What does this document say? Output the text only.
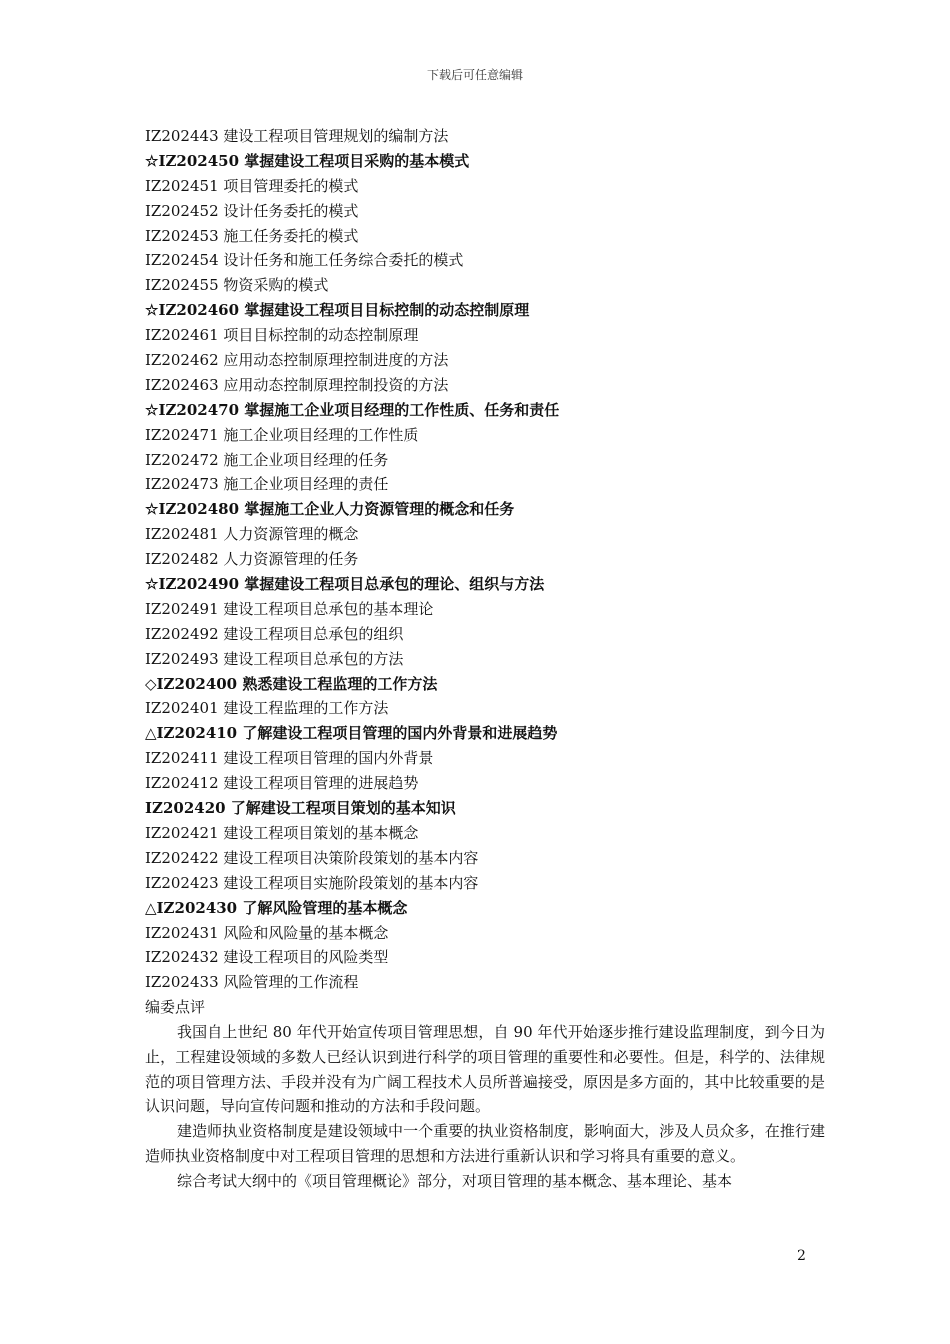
下载后可任意编辑
IZ202443 建设工程项目管理规划的编制方法
☆IZ202450 掌握建设工程项目采购的基本模式
IZ202451 项目管理委托的模式
IZ202452 设计任务委托的模式
IZ202453 施工任务委托的模式
IZ202454 设计任务和施工任务综合委托的模式
IZ202455 物资采购的模式
☆IZ202460 掌握建设工程项目目标控制的动态控制原理
IZ202461 项目目标控制的动态控制原理
IZ202462 应用动态控制原理控制进度的方法
IZ202463 应用动态控制原理控制投资的方法
☆IZ202470 掌握施工企业项目经理的工作性质、任务和责任
IZ202471 施工企业项目经理的工作性质
IZ202472 施工企业项目经理的任务
IZ202473 施工企业项目经理的责任
☆IZ202480 掌握施工企业人力资源管理的概念和任务
IZ202481 人力资源管理的概念
IZ202482 人力资源管理的任务
☆IZ202490 掌握建设工程项目总承包的理论、组织与方法
IZ202491 建设工程项目总承包的基本理论
IZ202492 建设工程项目总承包的组织
IZ202493 建设工程项目总承包的方法
◇IZ202400 熟悉建设工程监理的工作方法
IZ202401 建设工程监理的工作方法
△IZ202410 了解建设工程项目管理的国内外背景和进展趋势
IZ202411 建设工程项目管理的国内外背景
IZ202412 建设工程项目管理的进展趋势
IZ202420 了解建设工程项目策划的基本知识
IZ202421 建设工程项目策划的基本概念
IZ202422 建设工程项目决策阶段策划的基本内容
IZ202423 建设工程项目实施阶段策划的基本内容
△IZ202430 了解风险管理的基本概念
IZ202431 风险和风险量的基本概念
IZ202432 建设工程项目的风险类型
IZ202433 风险管理的工作流程
编委点评

我国自上世纪 80 年代开始宣传项目管理思想，自 90 年代开始逐步推行建设监理制度，到今日为止，工程建设领域的多数人已经认识到进行科学的项目管理的重要性和必要性。但是，科学的、法律规范的项目管理方法、手段并没有为广阔工程技术人员所普遍接受，原因是多方面的，其中比较重要的是认识问题，导向宣传问题和推动的方法和手段问题。

建造师执业资格制度是建设领域中一个重要的执业资格制度，影响面大，涉及人员众多，在推行建造师执业资格制度中对工程项目管理的思想和方法进行重新认识和学习将具有重要的意义。

综合考试大纲中的《项目管理概论》部分，对项目管理的基本概念、基本理论、基本

2
